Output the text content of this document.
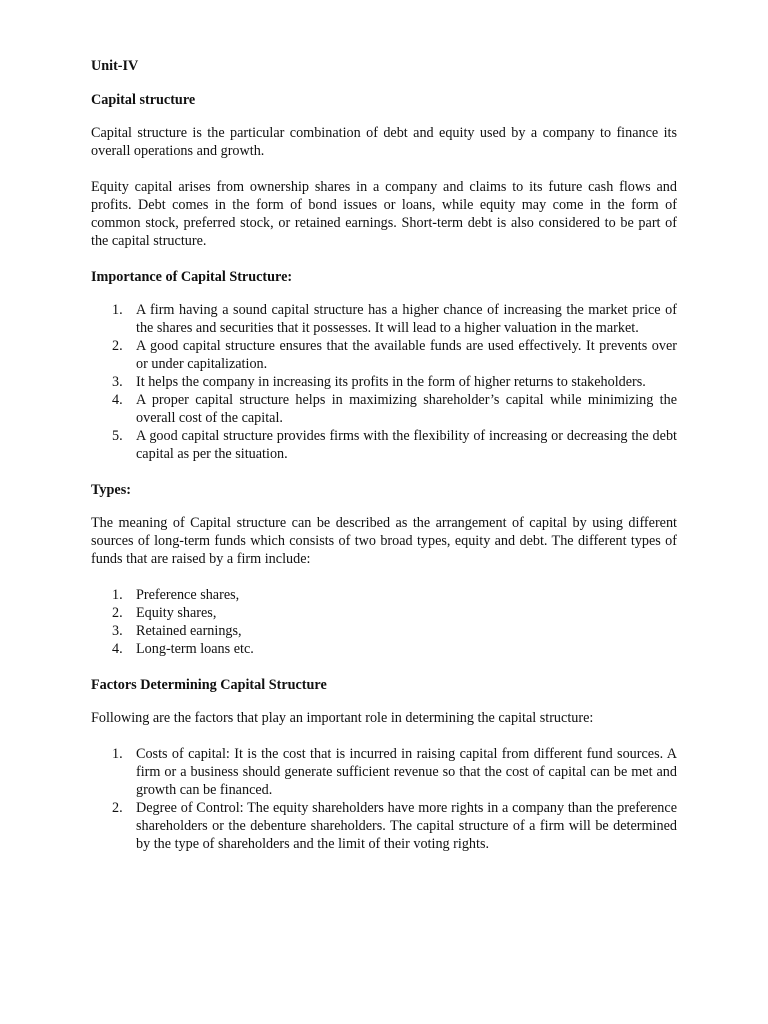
Unit-IV

Capital structure

Capital structure is the particular combination of debt and equity used by a company to finance its overall operations and growth.

Equity capital arises from ownership shares in a company and claims to its future cash flows and profits. Debt comes in the form of bond issues or loans, while equity may come in the form of common stock, preferred stock, or retained earnings. Short-term debt is also considered to be part of the capital structure.

Importance of Capital Structure:

1. A firm having a sound capital structure has a higher chance of increasing the market price of the shares and securities that it possesses. It will lead to a higher valuation in the market.
2. A good capital structure ensures that the available funds are used effectively. It prevents over or under capitalization.
3. It helps the company in increasing its profits in the form of higher returns to stakeholders.
4. A proper capital structure helps in maximizing shareholder’s capital while minimizing the overall cost of the capital.
5. A good capital structure provides firms with the flexibility of increasing or decreasing the debt capital as per the situation.

Types:

The meaning of Capital structure can be described as the arrangement of capital by using different sources of long-term funds which consists of two broad types, equity and debt. The different types of funds that are raised by a firm include:

1. Preference shares,
2. Equity shares,
3. Retained earnings,
4. Long-term loans etc.

Factors Determining Capital Structure

Following are the factors that play an important role in determining the capital structure:

1. Costs of capital: It is the cost that is incurred in raising capital from different fund sources. A firm or a business should generate sufficient revenue so that the cost of capital can be met and growth can be financed.
2. Degree of Control: The equity shareholders have more rights in a company than the preference shareholders or the debenture shareholders. The capital structure of a firm will be determined by the type of shareholders and the limit of their voting rights.
